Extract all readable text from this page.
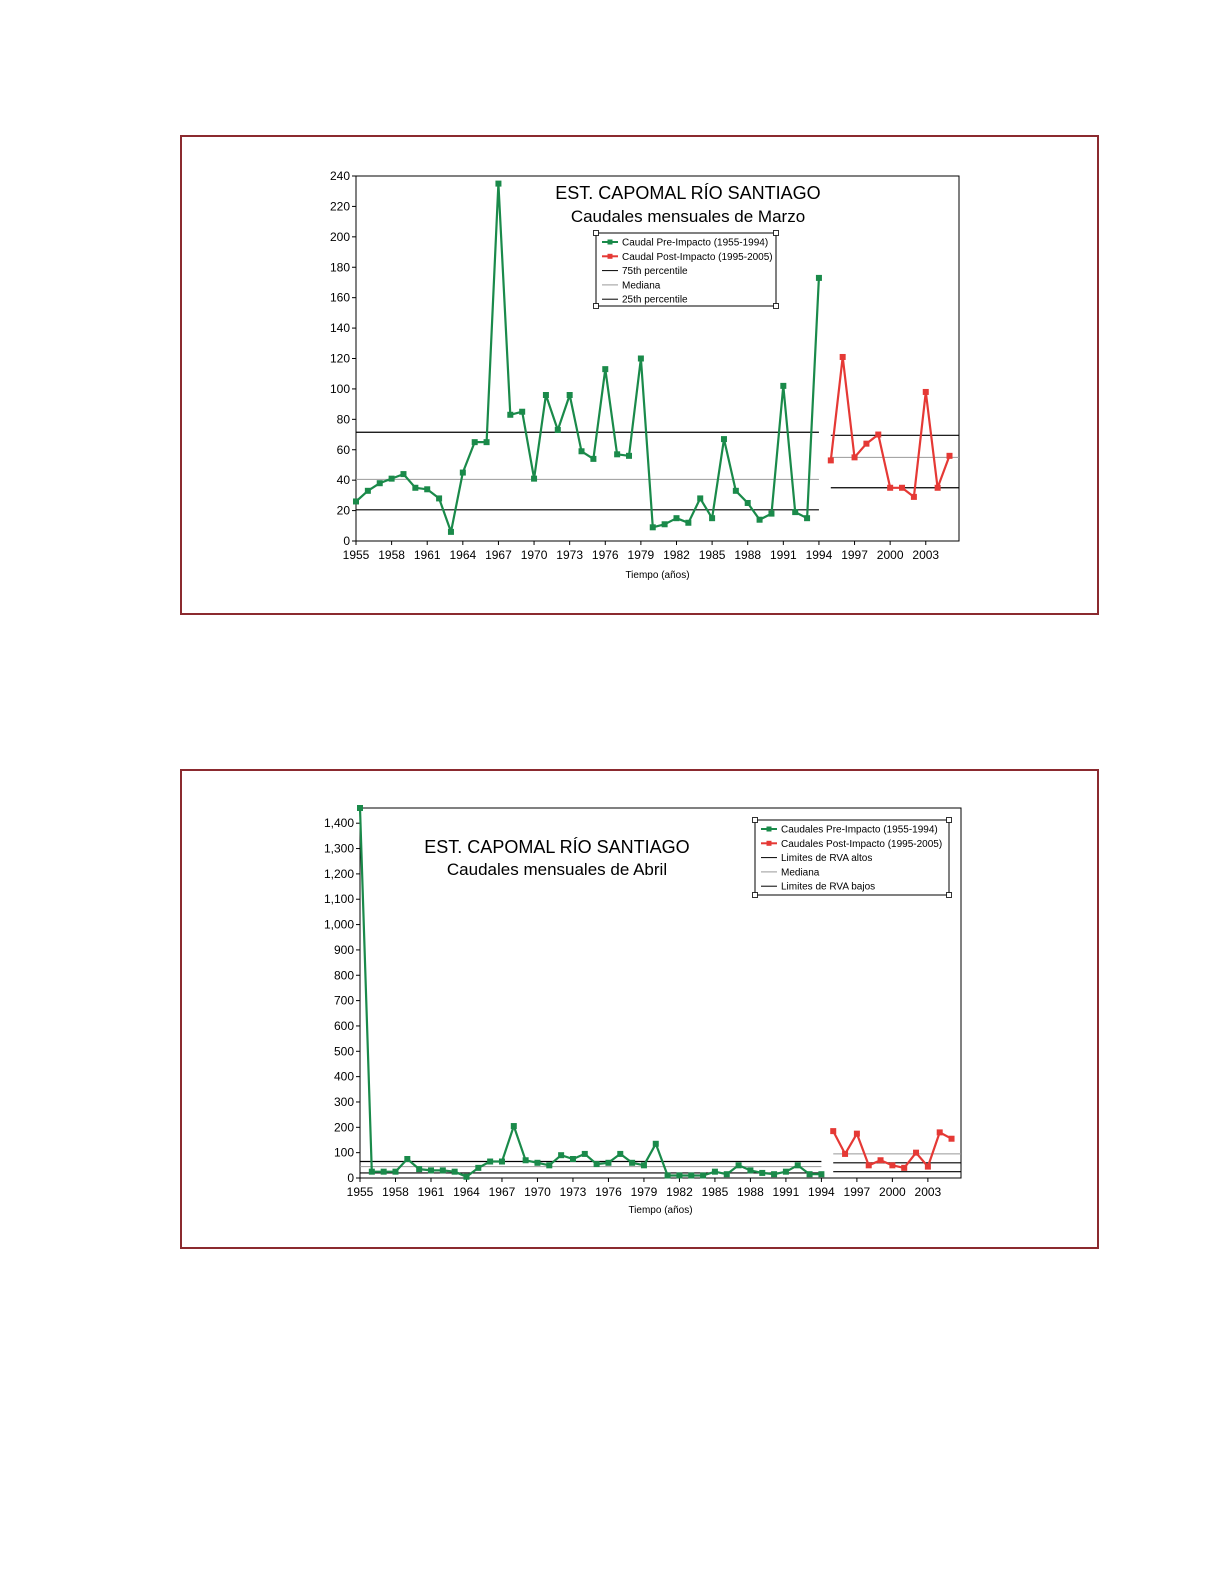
0
20
40
60
80
100
120
140
160
180
200
220
240
1955 1958 1961 1964 1967 1970 1973 1976 1979 1982 1985 1988 1991 1994 1997 2000 2003
Tiempo (años)
EST. CAPOMAL RÍO SANTIAGO
Caudales mensuales de Marzo
Caudal Pre-Impacto (1955-1994)
Caudal Post-Impacto (1995-2005)
75th percentile
Mediana
25th percentile
0
100
200
300
400
500
600
700
800
900
1,000
1,100
1,200
1,300
1,400
1955 1958 1961 1964 1967 1970 1973 1976 1979 1982 1985 1988 1991 1994 1997 2000 2003
Tiempo (años)
EST. CAPOMAL RÍO SANTIAGO
Caudales mensuales de Abril
Caudales Pre-Impacto (1955-1994)
Caudales Post-Impacto (1995-2005)
Limites de RVA altos
Mediana
Limites de RVA bajos
